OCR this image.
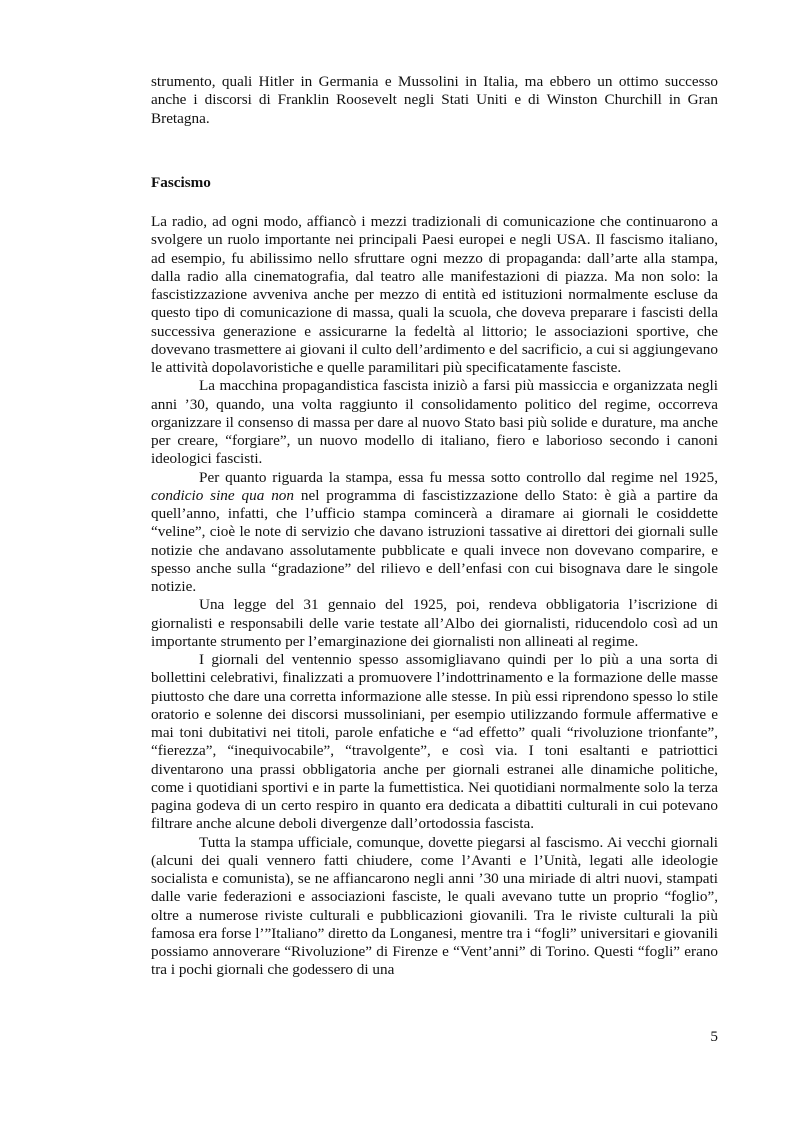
strumento, quali Hitler in Germania e Mussolini in Italia, ma ebbero un ottimo successo anche i discorsi di Franklin Roosevelt negli Stati Uniti e di Winston Churchill in Gran Bretagna.

Fascismo

La radio, ad ogni modo, affiancò i mezzi tradizionali di comunicazione che continuarono a svolgere un ruolo importante nei principali Paesi europei e negli USA. Il fascismo italiano, ad esempio, fu abilissimo nello sfruttare ogni mezzo di propaganda: dall’arte alla stampa, dalla radio alla cinematografia, dal teatro alle manifestazioni di piazza. Ma non solo: la fascistizzazione avveniva anche per mezzo di entità ed istituzioni normalmente escluse da questo tipo di comunicazione di massa, quali la scuola, che doveva preparare i fascisti della successiva generazione e assicurarne la fedeltà al littorio; le associazioni sportive, che dovevano trasmettere ai giovani il culto dell’ardimento e del sacrificio, a cui si aggiungevano le attività dopolavoristiche e quelle paramilitari più specificatamente fasciste.

La macchina propagandistica fascista iniziò a farsi più massiccia e organizzata negli anni ’30, quando, una volta raggiunto il consolidamento politico del regime, occorreva organizzare il consenso di massa per dare al nuovo Stato basi più solide e durature, ma anche per creare, “forgiare”, un nuovo modello di italiano, fiero e laborioso secondo i canoni ideologici fascisti.

Per quanto riguarda la stampa, essa fu messa sotto controllo dal regime nel 1925, condicio sine qua non nel programma di fascistizzazione dello Stato: è già a partire da quell’anno, infatti, che l’ufficio stampa comincerà a diramare ai giornali le cosiddette “veline”, cioè le note di servizio che davano istruzioni tassative ai direttori dei giornali sulle notizie che andavano assolutamente pubblicate e quali invece non dovevano comparire, e spesso anche sulla “gradazione” del rilievo e dell’enfasi con cui bisognava dare le singole notizie.

Una legge del 31 gennaio del 1925, poi, rendeva obbligatoria l’iscrizione di giornalisti e responsabili delle varie testate all’Albo dei giornalisti, riducendolo così ad un importante strumento per l’emarginazione dei giornalisti non allineati al regime.

I giornali del ventennio spesso assomigliavano quindi per lo più a una sorta di bollettini celebrativi, finalizzati a promuovere l’indottrinamento e la formazione delle masse piuttosto che dare una corretta informazione alle stesse. In più essi riprendono spesso lo stile oratorio e solenne dei discorsi mussoliniani, per esempio utilizzando formule affermative e mai toni dubitativi nei titoli, parole enfatiche e “ad effetto” quali “rivoluzione trionfante”, “fierezza”, “inequivocabile”, “travolgente”, e così via. I toni esaltanti e patriottici diventarono una prassi obbligatoria anche per giornali estranei alle dinamiche politiche, come i quotidiani sportivi e in parte la fumettistica. Nei quotidiani normalmente solo la terza pagina godeva di un certo respiro in quanto era dedicata a dibattiti culturali in cui potevano filtrare anche alcune deboli divergenze dall’ortodossia fascista.

Tutta la stampa ufficiale, comunque, dovette piegarsi al fascismo. Ai vecchi giornali (alcuni dei quali vennero fatti chiudere, come l’Avanti e l’Unità, legati alle ideologie socialista e comunista), se ne affiancarono negli anni ’30 una miriade di altri nuovi, stampati dalle varie federazioni e associazioni fasciste, le quali avevano tutte un proprio “foglio”, oltre a numerose riviste culturali e pubblicazioni giovanili. Tra le riviste culturali la più famosa era forse l’”Italiano” diretto da Longanesi, mentre tra i “fogli” universitari e giovanili possiamo annoverare “Rivoluzione” di Firenze e “Vent’anni” di Torino. Questi “fogli” erano tra i pochi giornali che godessero di una

5
